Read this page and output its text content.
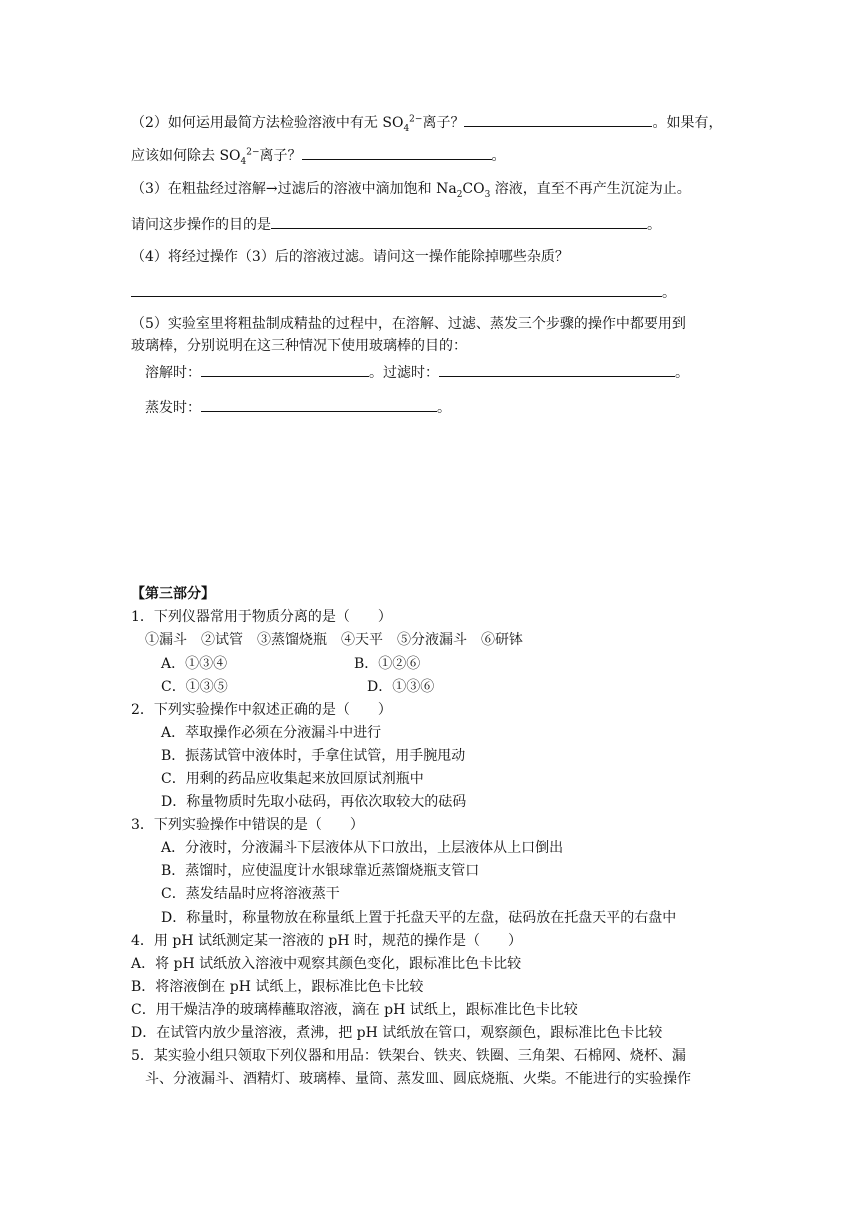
（2）如何运用最简方法检验溶液中有无 $SO_4^{2-}$离子？	。如果有，
应该如何除去 $SO_4^{2-}$离子？	。
（3）在粗盐经过溶解→过滤后的溶液中滴加饱和 $Na_2CO_3$ 溶液，直至不再产生沉淀为止。
请问这步操作的目的是	。
（4）将经过操作（3）后的溶液过滤。请问这一操作能除掉哪些杂质？
。
（5）实验室里将粗盐制成精盐的过程中，在溶解、过滤、蒸发三个步骤的操作中都要用到
玻璃棒，分别说明在这三种情况下使用玻璃棒的目的：
溶解时：	。过滤时：	。
蒸发时：	。
【第三部分】
1．下列仪器常用于物质分离的是（　　）
①漏斗　②试管　③蒸馏烧瓶　④天平　⑤分液漏斗　⑥研钵
A．①③④	B．①②⑥
C．①③⑤	D．①③⑥
2．下列实验操作中叙述正确的是（　　）
A．萃取操作必须在分液漏斗中进行
B．振荡试管中液体时，手拿住试管，用手腕甩动
C．用剩的药品应收集起来放回原试剂瓶中
D．称量物质时先取小砝码，再依次取较大的砝码
3．下列实验操作中错误的是（　　）
A．分液时，分液漏斗下层液体从下口放出，上层液体从上口倒出
B．蒸馏时，应使温度计水银球靠近蒸馏烧瓶支管口
C．蒸发结晶时应将溶液蒸干
D．称量时，称量物放在称量纸上置于托盘天平的左盘，砝码放在托盘天平的右盘中
4．用 pH 试纸测定某一溶液的 pH 时，规范的操作是（　　）
A．将 pH 试纸放入溶液中观察其颜色变化，跟标准比色卡比较
B．将溶液倒在 pH 试纸上，跟标准比色卡比较
C．用干燥洁净的玻璃棒蘸取溶液，滴在 pH 试纸上，跟标准比色卡比较
D．在试管内放少量溶液，煮沸，把 pH 试纸放在管口，观察颜色，跟标准比色卡比较
5．某实验小组只领取下列仪器和用品：铁架台、铁夹、铁圈、三角架、石棉网、烧杯、漏
斗、分液漏斗、酒精灯、玻璃棒、量筒、蒸发皿、圆底烧瓶、火柴。不能进行的实验操作
